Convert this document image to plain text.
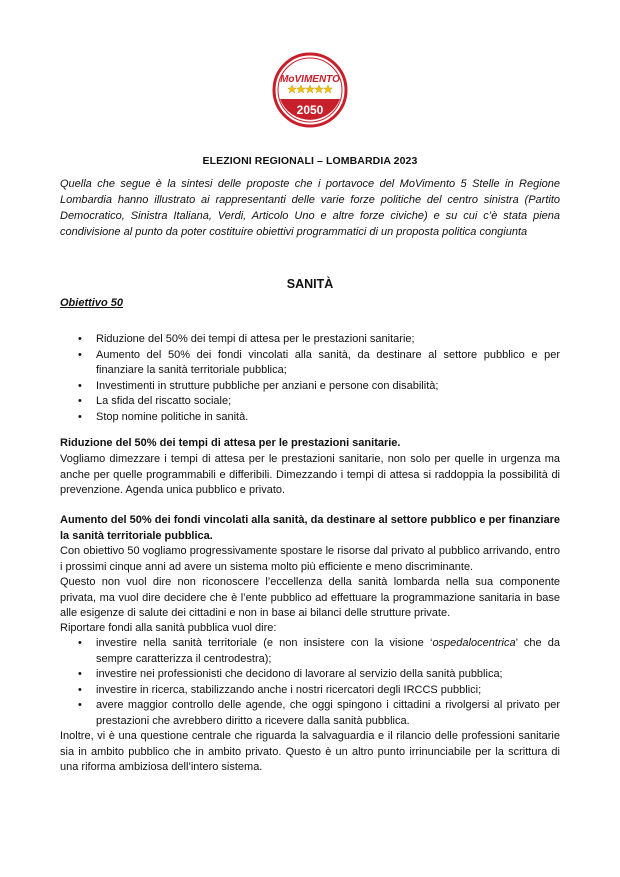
MoVIMENTO
2050
ELEZIONI REGIONALI – LOMBARDIA 2023

Quella che segue è la sintesi delle proposte che i portavoce del MoVimento 5 Stelle in Regione Lombardia hanno illustrato ai rappresentanti delle varie forze politiche del centro sinistra (Partito Democratico, Sinistra Italiana, Verdi, Articolo Uno e altre forze civiche) e su cui c’è stata piena condivisione al punto da poter costituire obiettivi programmatici di un proposta politica congiunta

SANITÀ
Obiettivo 50
• Riduzione del 50% dei tempi di attesa per le prestazioni sanitarie;
• Aumento del 50% dei fondi vincolati alla sanità, da destinare al settore pubblico e per finanziare la sanità territoriale pubblica;
• Investimenti in strutture pubbliche per anziani e persone con disabilità;
• La sfida del riscatto sociale;
• Stop nomine politiche in sanità.

Riduzione del 50% dei tempi di attesa per le prestazioni sanitarie.

Vogliamo dimezzare i tempi di attesa per le prestazioni sanitarie, non solo per quelle in urgenza ma anche per quelle programmabili e differibili. Dimezzando i tempi di attesa si raddoppia la possibilità di prevenzione. Agenda unica pubblico e privato.

Aumento del 50% dei fondi vincolati alla sanità, da destinare al settore pubblico e per finanziare la sanità territoriale pubblica.

Con obiettivo 50 vogliamo progressivamente spostare le risorse dal privato al pubblico arrivando, entro i prossimi cinque anni ad avere un sistema molto più efficiente e meno discriminante.

Questo non vuol dire non riconoscere l’eccellenza della sanità lombarda nella sua componente privata, ma vuol dire decidere che è l’ente pubblico ad effettuare la programmazione sanitaria in base alle esigenze di salute dei cittadini e non in base ai bilanci delle strutture private.

Riportare fondi alla sanità pubblica vuol dire:

• investire nella sanità territoriale (e non insistere con la visione ‘ospedalocentrica’ che da sempre caratterizza il centrodestra);
• investire nei professionisti che decidono di lavorare al servizio della sanità pubblica;
• investire in ricerca, stabilizzando anche i nostri ricercatori degli IRCCS pubblici;
• avere maggior controllo delle agende, che oggi spingono i cittadini a rivolgersi al privato per prestazioni che avrebbero diritto a ricevere dalla sanità pubblica.

Inoltre, vi è una questione centrale che riguarda la salvaguardia e il rilancio delle professioni sanitarie sia in ambito pubblico che in ambito privato. Questo è un altro punto irrinunciabile per la scrittura di una riforma ambiziosa dell’intero sistema.
